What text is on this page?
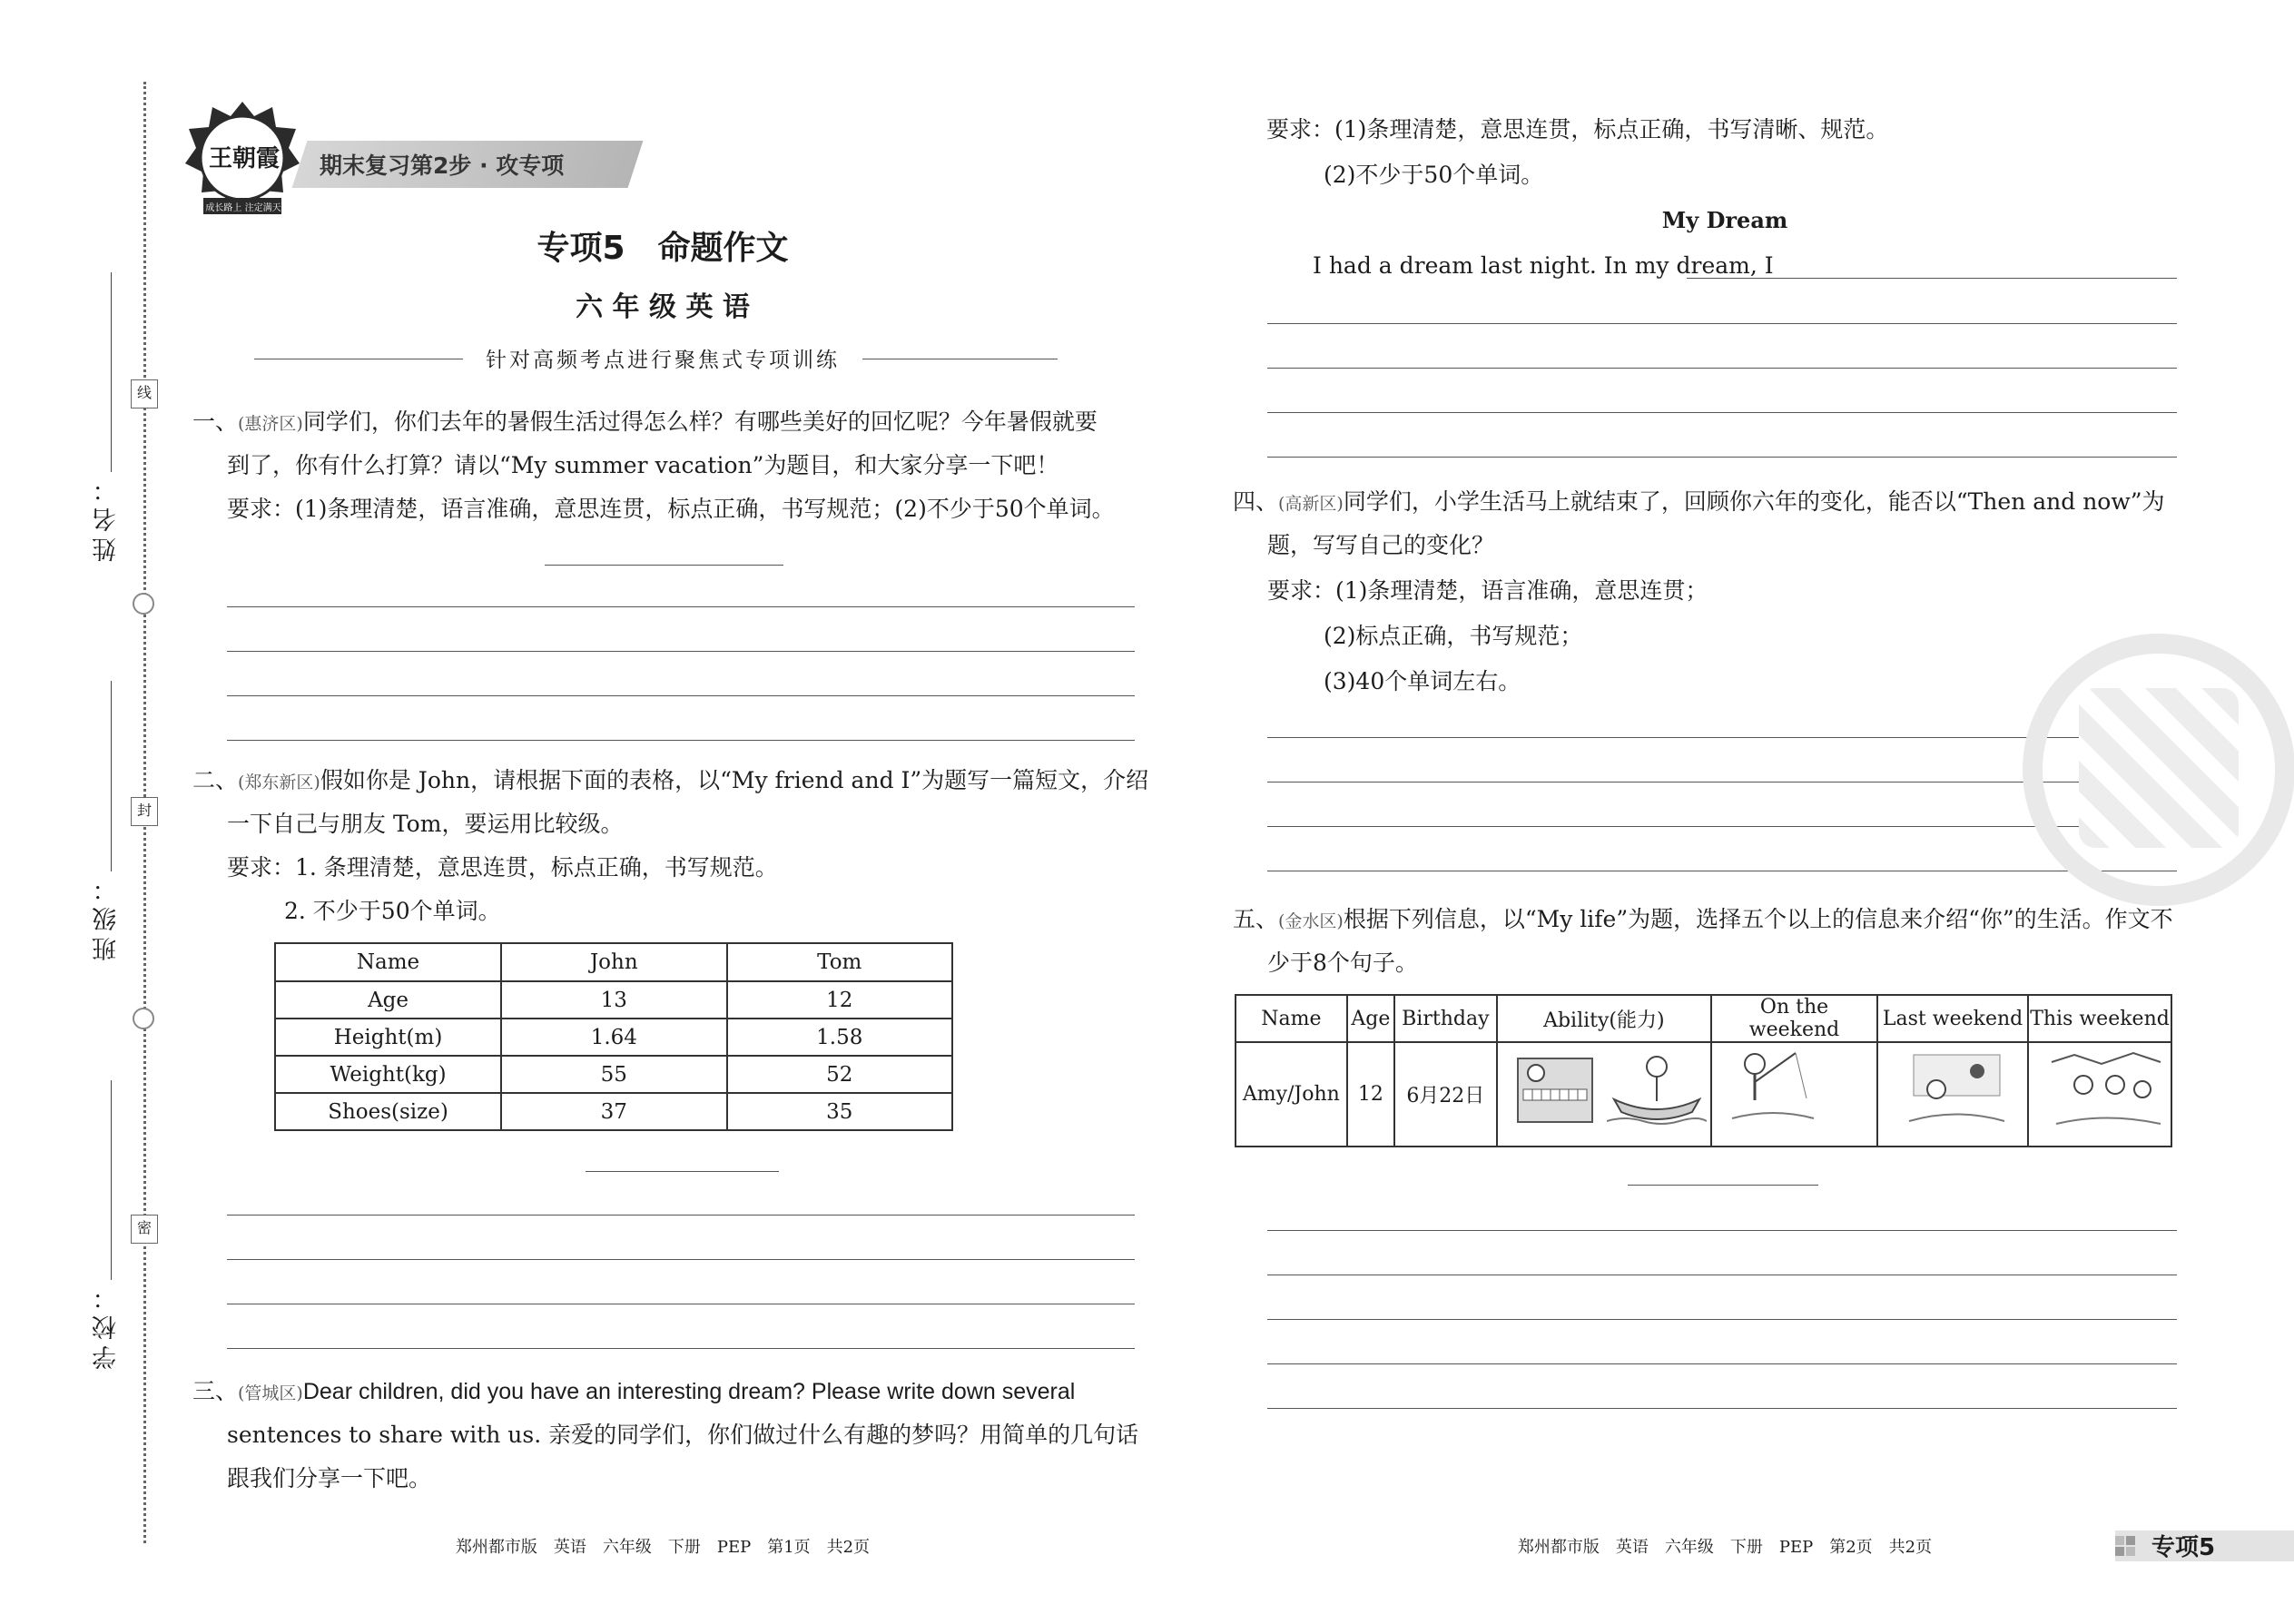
线
封
密
姓名：
班级：
学校：
王朝霞
成长路上 注定满天
期末复习第2步 · 攻专项
专项5　命题作文
六 年 级 英 语
针对高频考点进行聚焦式专项训练
一、(惠济区)同学们，你们去年的暑假生活过得怎么样？有哪些美好的回忆呢？今年暑假就要
到了，你有什么打算？请以“My summer vacation”为题目，和大家分享一下吧！
要求：(1)条理清楚，语言准确，意思连贯，标点正确，书写规范；(2)不少于50个单词。
二、(郑东新区)假如你是 John，请根据下面的表格，以“My friend and I”为题写一篇短文，介绍
一下自己与朋友 Tom，要运用比较级。
要求：1. 条理清楚，意思连贯，标点正确，书写规范。
2. 不少于50个单词。
Name	John	Tom
Age	13	12
Height(m)	1.64	1.58
Weight(kg)	55	52
Shoes(size)	37	35
三、(管城区)Dear children, did you have an interesting dream? Please write down several
sentences to share with us. 亲爱的同学们，你们做过什么有趣的梦吗？用简单的几句话
跟我们分享一下吧。
郑州都市版　英语　六年级　下册　PEP　第1页　共2页
要求：(1)条理清楚，意思连贯，标点正确，书写清晰、规范。
(2)不少于50个单词。
My Dream
I had a dream last night. In my dream, I
四、(高新区)同学们，小学生活马上就结束了，回顾你六年的变化，能否以“Then and now”为
题，写写自己的变化？
要求：(1)条理清楚，语言准确，意思连贯；
(2)标点正确，书写规范；
(3)40个单词左右。
五、(金水区)根据下列信息，以“My life”为题，选择五个以上的信息来介绍“你”的生活。作文不
少于8个句子。
Name	Age	Birthday	Ability(能力)	On the weekend	Last weekend	This weekend
Amy/John	12	6月22日				
郑州都市版　英语　六年级　下册　PEP　第2页　共2页	专项5
